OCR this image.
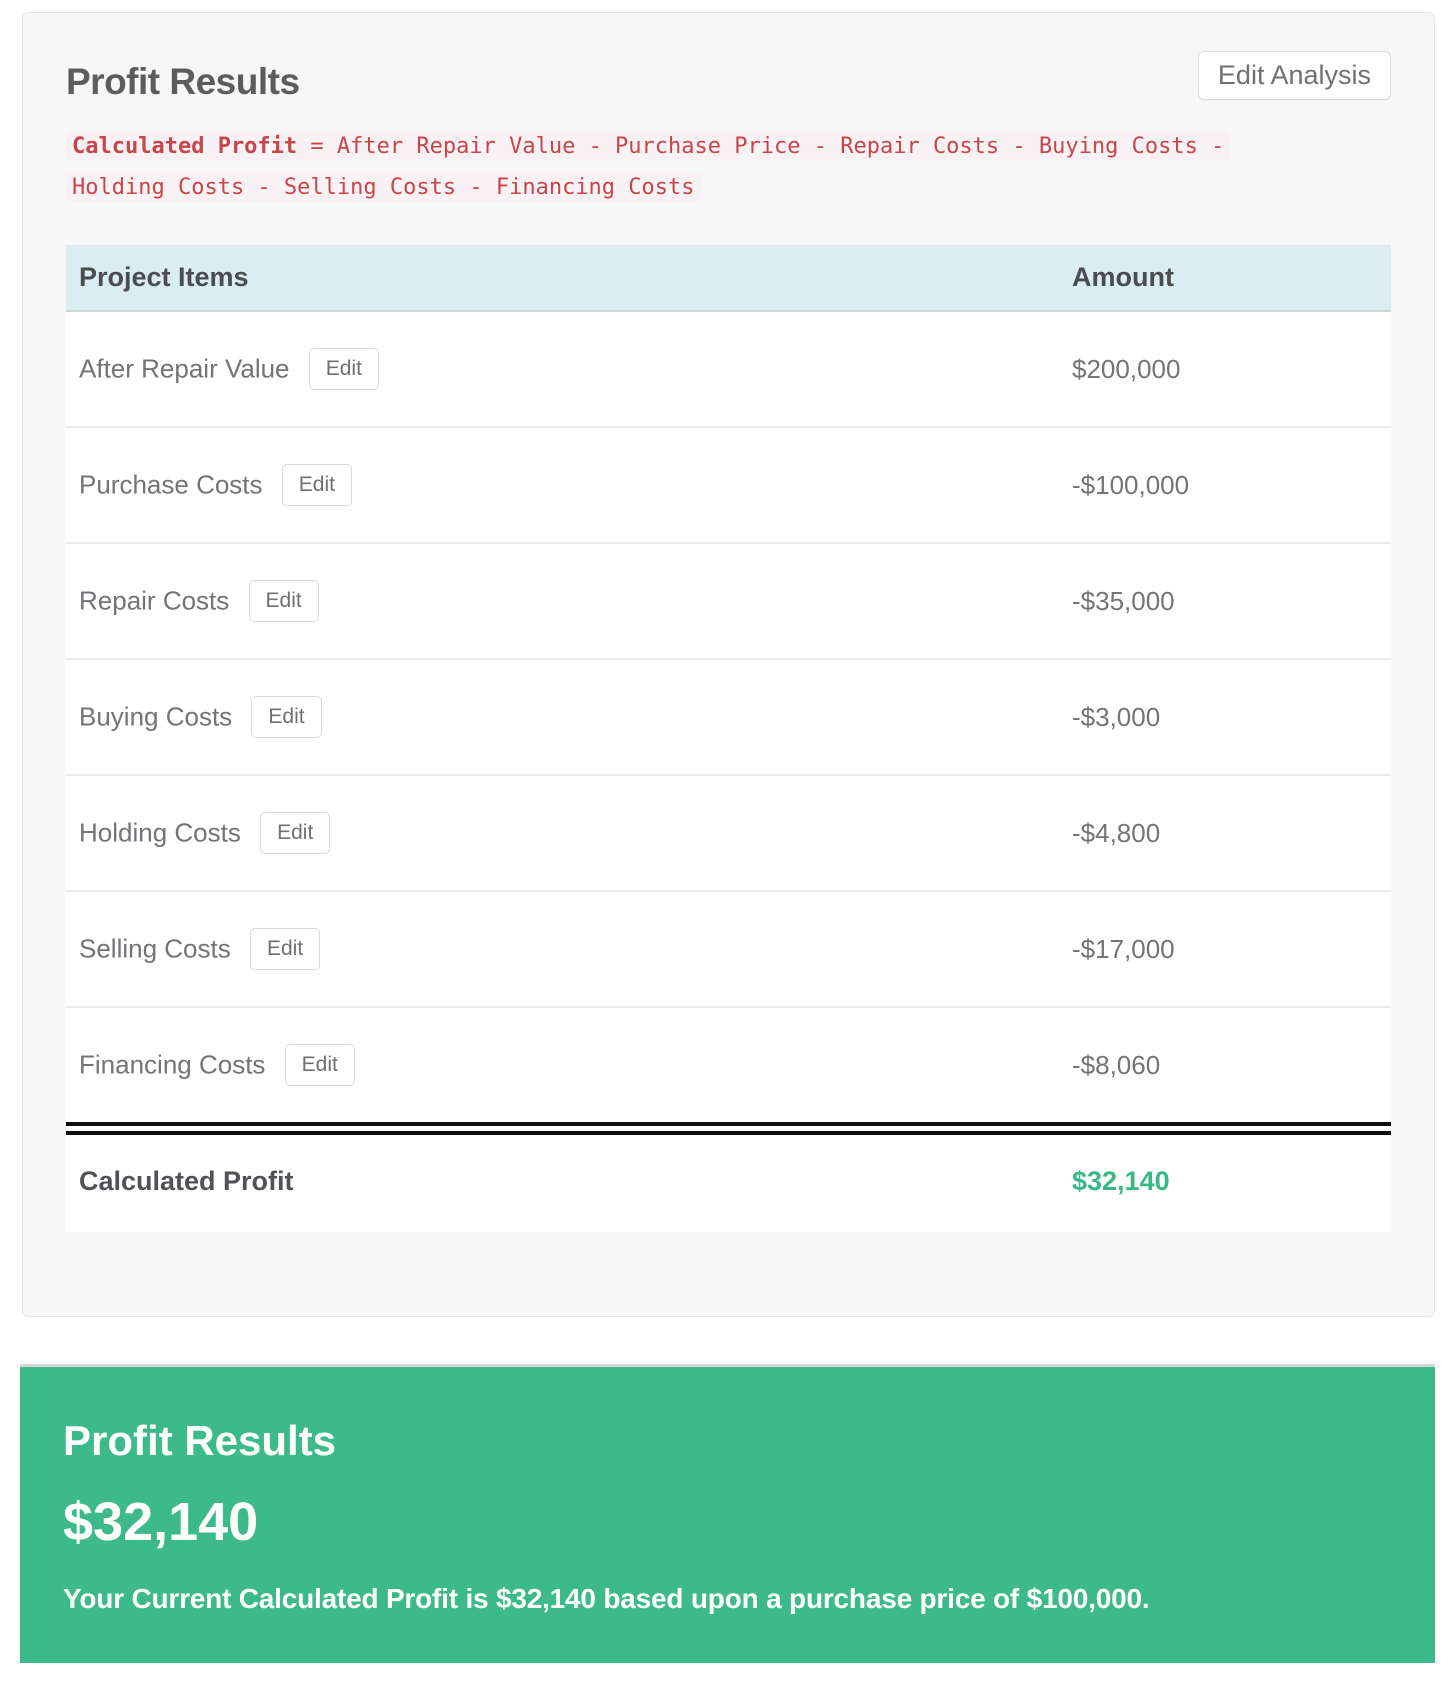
Profit Results	Edit Analysis

Calculated Profit = After Repair Value - Purchase Price - Repair Costs - Buying Costs - Holding Costs - Selling Costs - Financing Costs

Project Items	Amount
After Repair Value Edit	$200,000
Purchase Costs Edit	-$100,000
Repair Costs Edit	-$35,000
Buying Costs Edit	-$3,000
Holding Costs Edit	-$4,800
Selling Costs Edit	-$17,000
Financing Costs Edit	-$8,060

Calculated Profit	$32,140
Profit Results
$32,140

Your Current Calculated Profit is $32,140 based upon a purchase price of $100,000.
